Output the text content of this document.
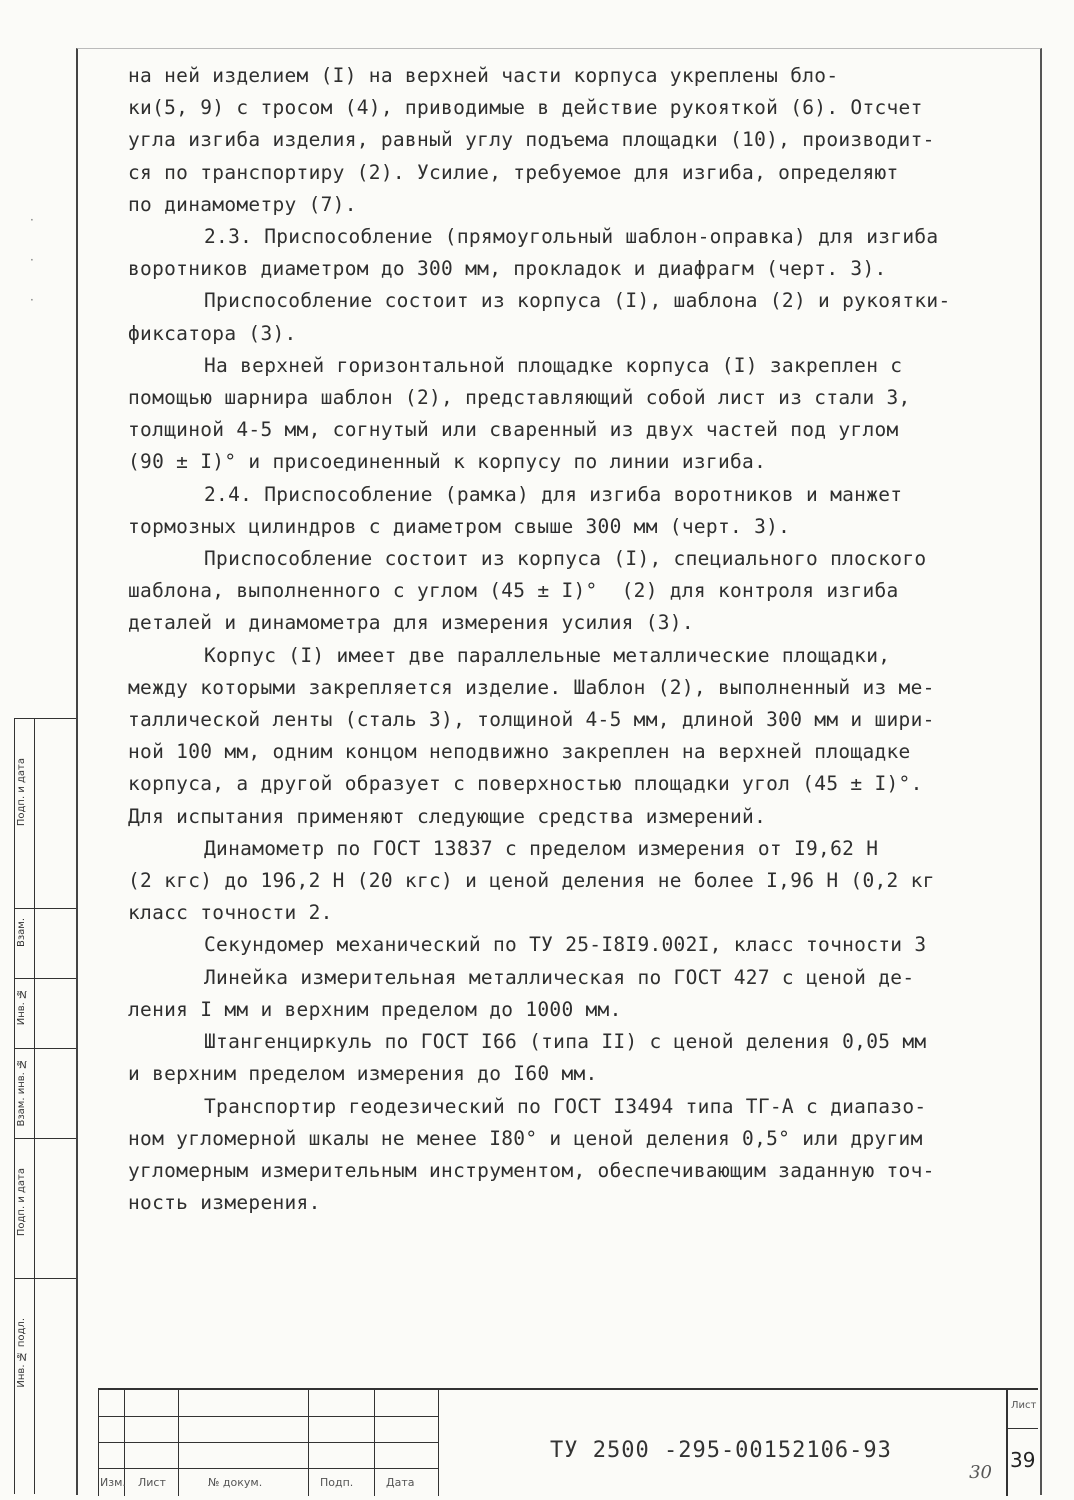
·
·
·

на ней изделием (I) на верхней части корпуса укреплены бло-

ки(5, 9) с тросом (4), приводимые в действие рукояткой (6). Отсчет

угла изгиба изделия, равный углу подъема площадки (10), производит-

ся по транспортиру (2). Усилие, требуемое для изгиба, определяют

по динамометру (7).

2.3. Приспособление (прямоугольный шаблон-оправка) для изгиба

воротников диаметром до 300 мм, прокладок и диафрагм (черт. 3).

Приспособление состоит из корпуса (I), шаблона (2) и рукоятки-

фиксатора (3).

На верхней горизонтальной площадке корпуса (I) закреплен с

помощью шарнира шаблон (2), представляющий собой лист из стали 3,

толщиной 4-5 мм, согнутый или сваренный из двух частей под углом

(90 ± I)° и присоединенный к корпусу по линии изгиба.

2.4. Приспособление (рамка) для изгиба воротников и манжет

тормозных цилиндров с диаметром свыше 300 мм (черт. 3).

Приспособление состоит из корпуса (I), специального плоского

шаблона, выполненного с углом (45 ± I)°  (2) для контроля изгиба

деталей и динамометра для измерения усилия (3).

Корпус (I) имеет две параллельные металлические площадки,

между которыми закрепляется изделие. Шаблон (2), выполненный из ме-

таллической ленты (сталь 3), толщиной 4-5 мм, длиной 300 мм и шири-

ной 100 мм, одним концом неподвижно закреплен на верхней площадке

корпуса, а другой образует с поверхностью площадки угол (45 ± I)°.

Для испытания применяют следующие средства измерений.

Динамометр по ГОСТ 13837 с пределом измерения от I9,62 Н

(2 кгс) до 196,2 Н (20 кгс) и ценой деления не более I,96 Н (0,2 кг

класс точности 2.

Секундомер механический по ТУ 25-I8I9.002I, класс точности 3

Линейка измерительная металлическая по ГОСТ 427 с ценой де-

ления I мм и верхним пределом до 1000 мм.

Штангенциркуль по ГОСТ I66 (типа II) с ценой деления 0,05 мм

и верхним пределом измерения до I60 мм.

Транспортир геодезический по ГОСТ I3494 типа ТГ-А с диапазо-

ном угломерной шкалы не менее I80° и ценой деления 0,5° или другим

угломерным измерительным инструментом, обеспечивающим заданную точ-

ность измерения.

Подп. и дата
Взам.
Инв. №
Взам. инв. №
Подп. и дата
Инв. № подл.
Изм. Лист	№ докум.	Подп.	Дата
ТУ 2500 -295-00152106-93
30
Лист
39
